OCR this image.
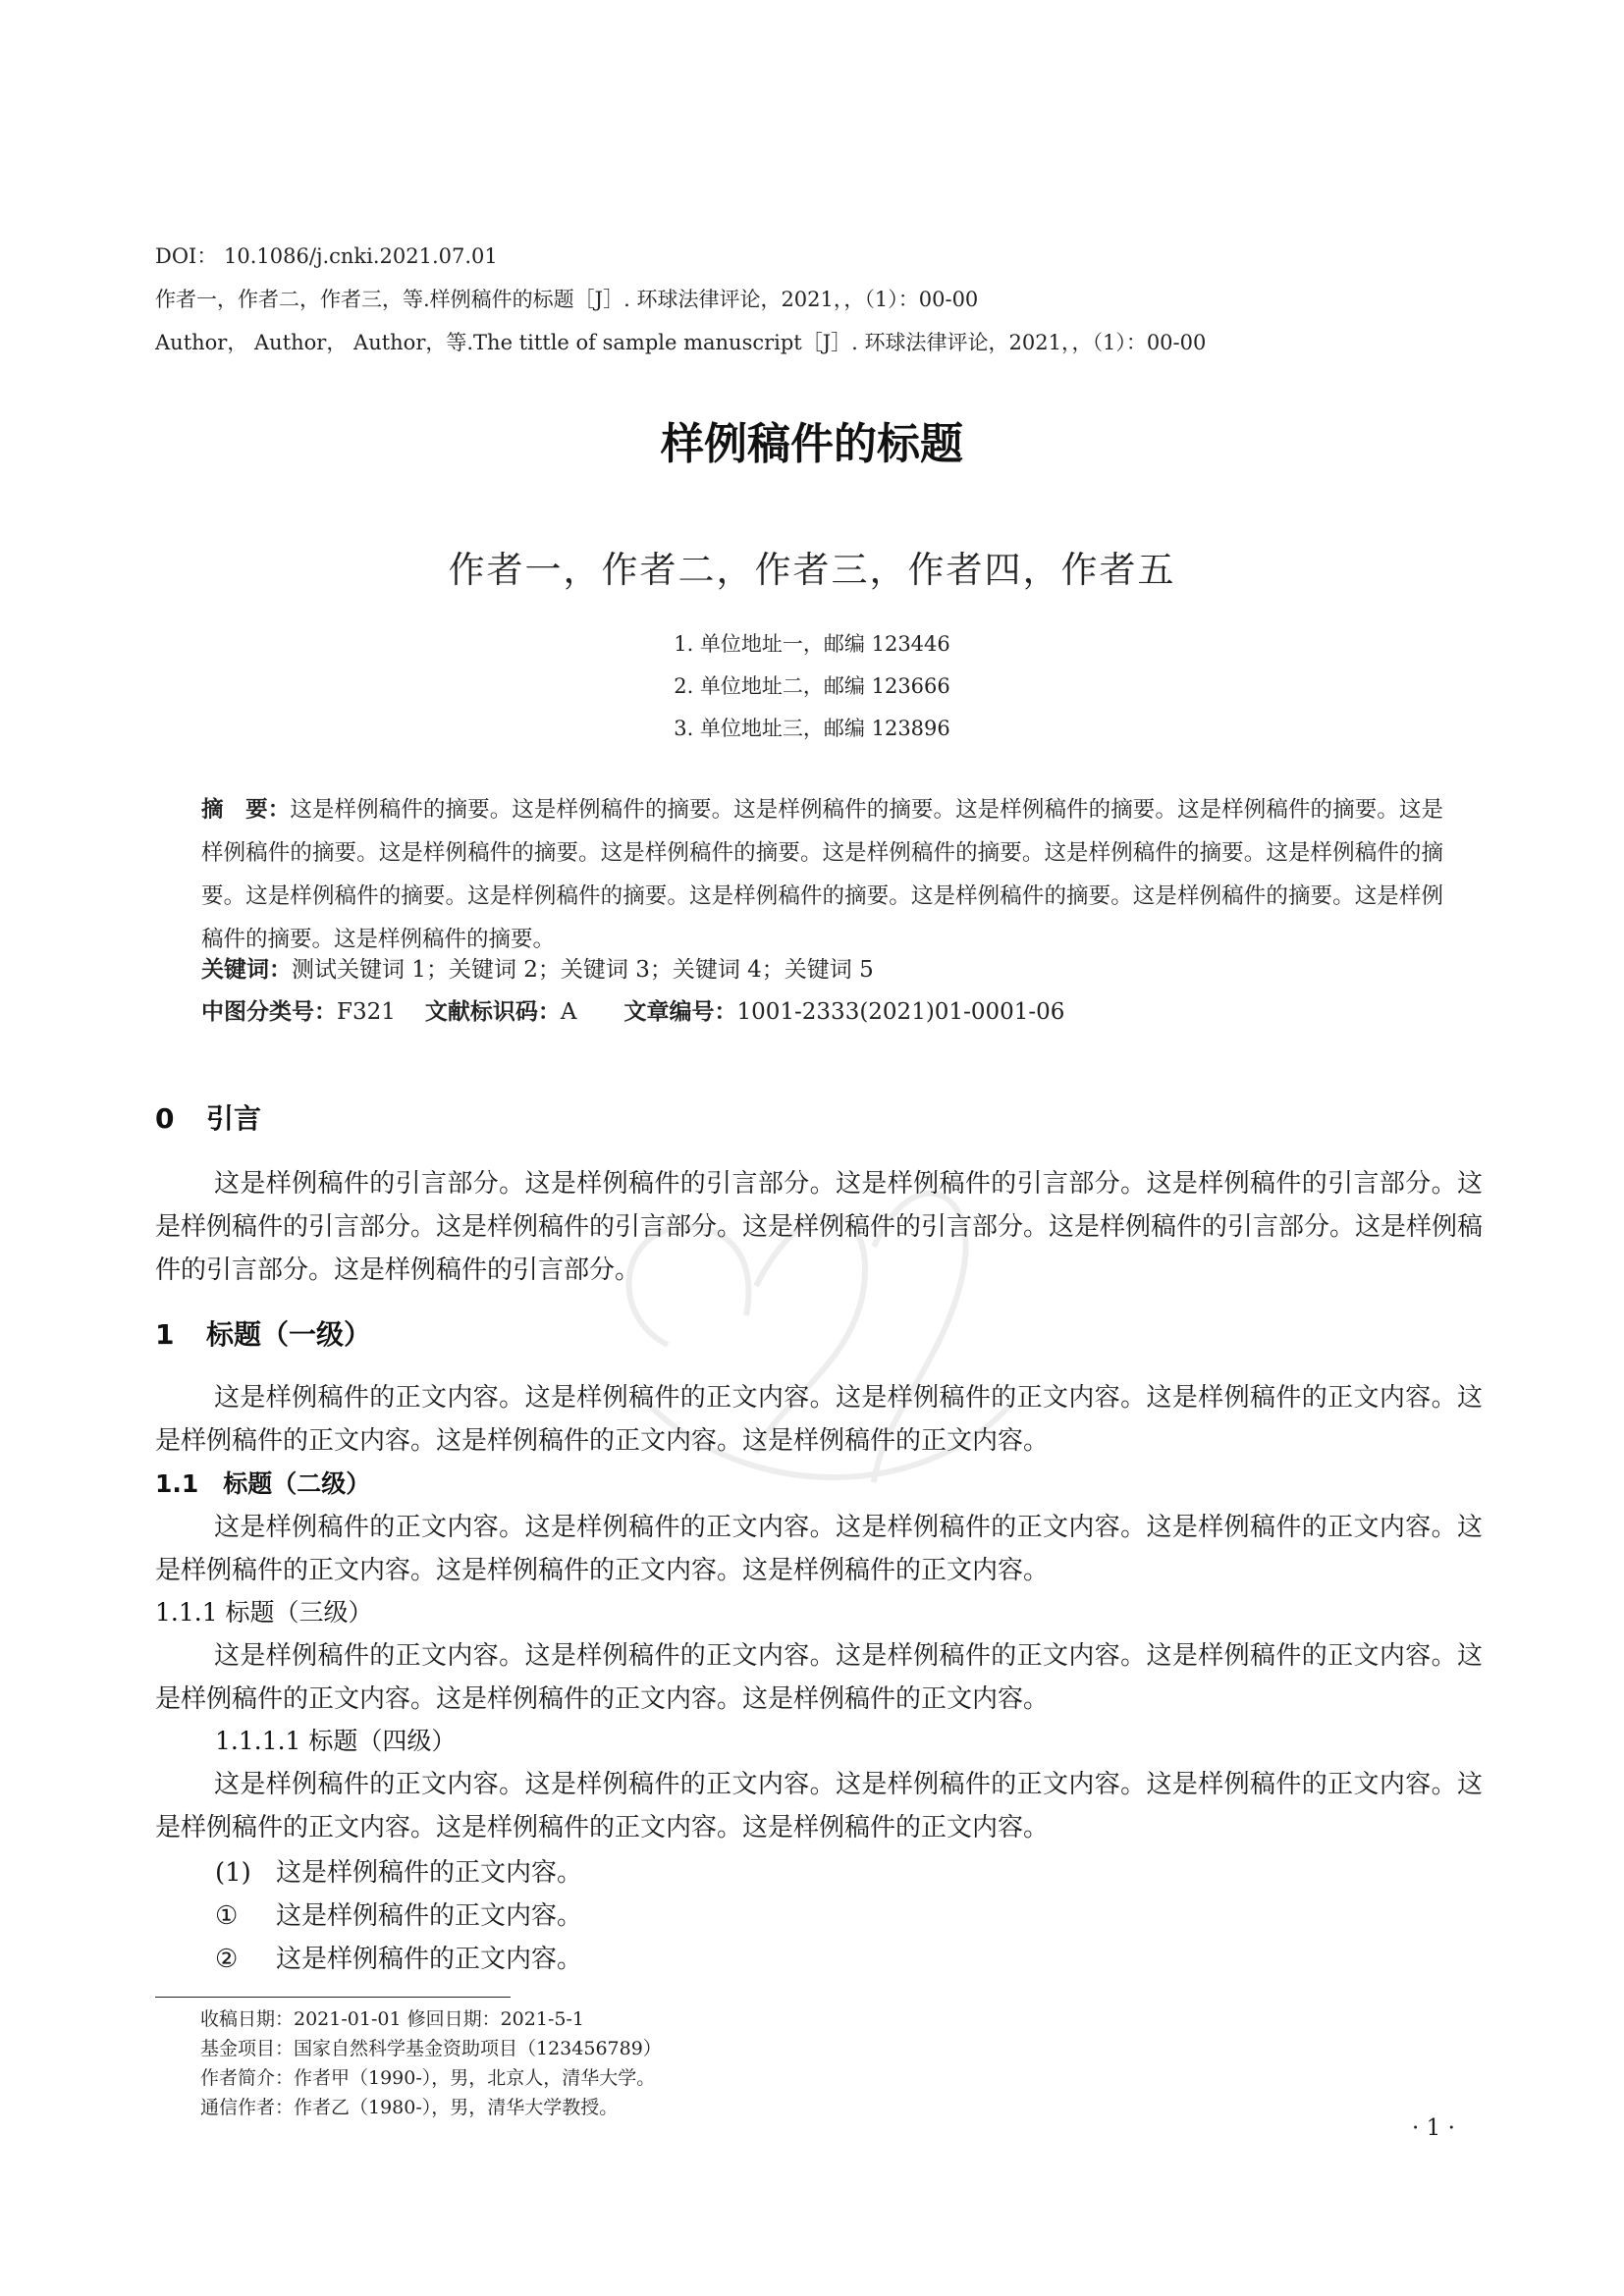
DOI： 10.1086/j.cnki.2021.07.01
作者一，作者二，作者三，等.样例稿件的标题［J］. 环球法律评论，2021，，（1）：00-00
Author， Author， Author，等.The tittle of sample manuscript［J］. 环球法律评论，2021，，（1）：00-00
样例稿件的标题
作者一，作者二，作者三，作者四，作者五
1. 单位地址一，邮编 123446
2. 单位地址二，邮编 123666
3. 单位地址三，邮编 123896
摘　要：这是样例稿件的摘要。这是样例稿件的摘要。这是样例稿件的摘要。这是样例稿件的摘要。这是样例稿件的摘要。这是样例稿件的摘要。这是样例稿件的摘要。这是样例稿件的摘要。这是样例稿件的摘要。这是样例稿件的摘要。这是样例稿件的摘要。这是样例稿件的摘要。这是样例稿件的摘要。这是样例稿件的摘要。这是样例稿件的摘要。这是样例稿件的摘要。这是样例稿件的摘要。这是样例稿件的摘要。
关键词：测试关键词 1；关键词 2；关键词 3；关键词 4；关键词 5
中图分类号：F321 文献标识码：A 文章编号：1001-2333(2021)01-0001-06
0 引言
这是样例稿件的引言部分。这是样例稿件的引言部分。这是样例稿件的引言部分。这是样例稿件的引言部分。这是样例稿件的引言部分。这是样例稿件的引言部分。这是样例稿件的引言部分。这是样例稿件的引言部分。这是样例稿件的引言部分。这是样例稿件的引言部分。
1 标题（一级）
这是样例稿件的正文内容。这是样例稿件的正文内容。这是样例稿件的正文内容。这是样例稿件的正文内容。这是样例稿件的正文内容。这是样例稿件的正文内容。这是样例稿件的正文内容。
1.1　标题（二级）
这是样例稿件的正文内容。这是样例稿件的正文内容。这是样例稿件的正文内容。这是样例稿件的正文内容。这是样例稿件的正文内容。这是样例稿件的正文内容。这是样例稿件的正文内容。
1.1.1 标题（三级）
这是样例稿件的正文内容。这是样例稿件的正文内容。这是样例稿件的正文内容。这是样例稿件的正文内容。这是样例稿件的正文内容。这是样例稿件的正文内容。这是样例稿件的正文内容。
1.1.1.1 标题（四级）
这是样例稿件的正文内容。这是样例稿件的正文内容。这是样例稿件的正文内容。这是样例稿件的正文内容。这是样例稿件的正文内容。这是样例稿件的正文内容。这是样例稿件的正文内容。
(1) 这是样例稿件的正文内容。
① 这是样例稿件的正文内容。
② 这是样例稿件的正文内容。
收稿日期：2021-01-01 修回日期：2021-5-1
基金项目：国家自然科学基金资助项目（123456789）
作者简介：作者甲（1990-），男，北京人，清华大学。
通信作者：作者乙（1980-），男，清华大学教授。
· 1 ·
